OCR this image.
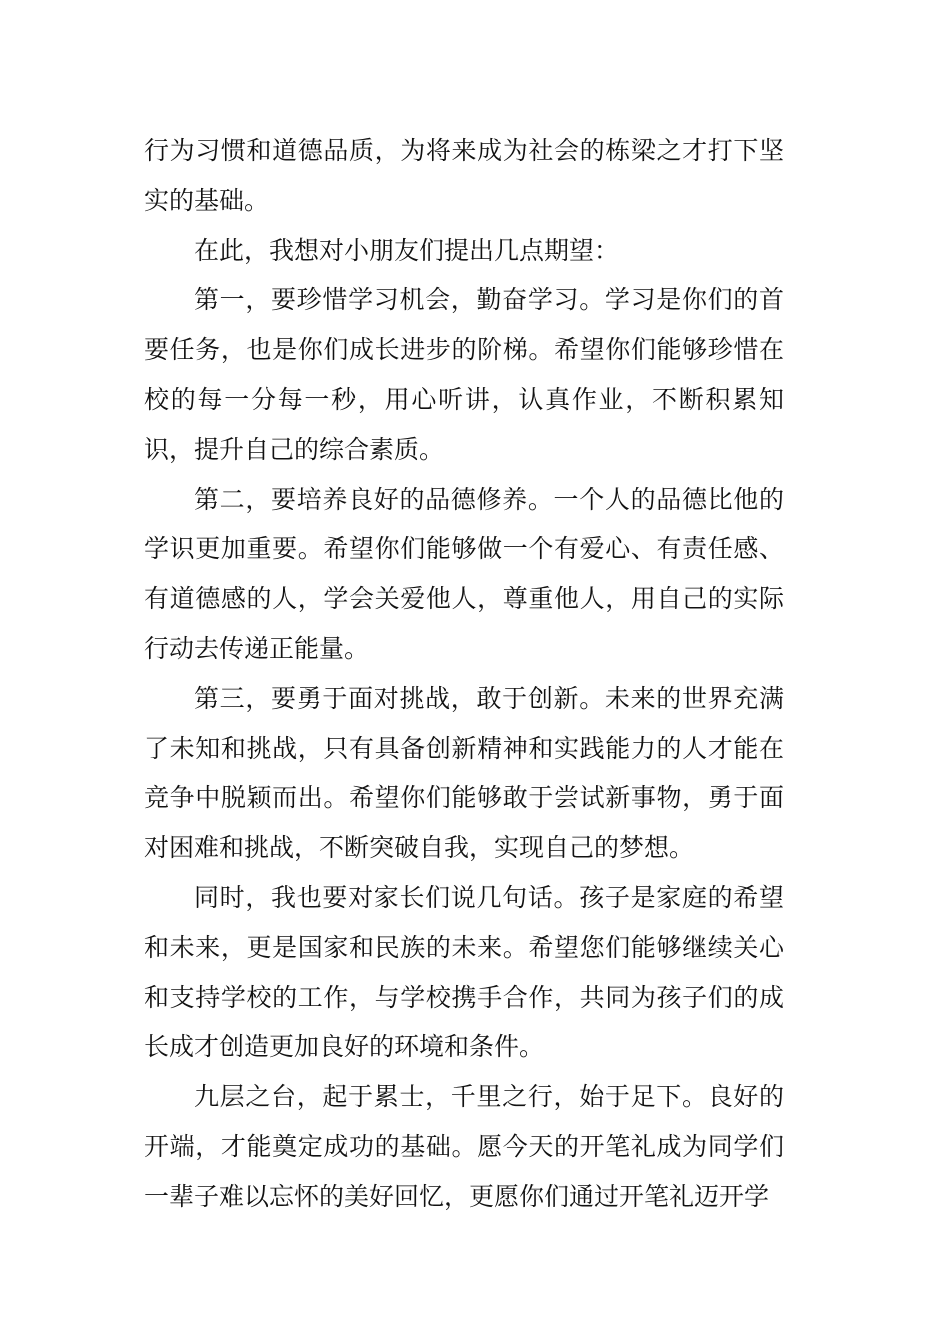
行为习惯和道德品质，为将来成为社会的栋梁之才打下坚实的基础。

在此，我想对小朋友们提出几点期望：

第一，要珍惜学习机会，勤奋学习。学习是你们的首要任务，也是你们成长进步的阶梯。希望你们能够珍惜在校的每一分每一秒，用心听讲，认真作业，不断积累知识，提升自己的综合素质。

第二，要培养良好的品德修养。一个人的品德比他的学识更加重要。希望你们能够做一个有爱心、有责任感、有道德感的人，学会关爱他人，尊重他人，用自己的实际行动去传递正能量。

第三，要勇于面对挑战，敢于创新。未来的世界充满了未知和挑战，只有具备创新精神和实践能力的人才能在竞争中脱颖而出。希望你们能够敢于尝试新事物，勇于面对困难和挑战，不断突破自我，实现自己的梦想。

同时，我也要对家长们说几句话。孩子是家庭的希望和未来，更是国家和民族的未来。希望您们能够继续关心和支持学校的工作，与学校携手合作，共同为孩子们的成长成才创造更加良好的环境和条件。

九层之台，起于累士，千里之行，始于足下。良好的开端，才能奠定成功的基础。愿今天的开笔礼成为同学们一辈子难以忘怀的美好回忆，更愿你们通过开笔礼迈开学
